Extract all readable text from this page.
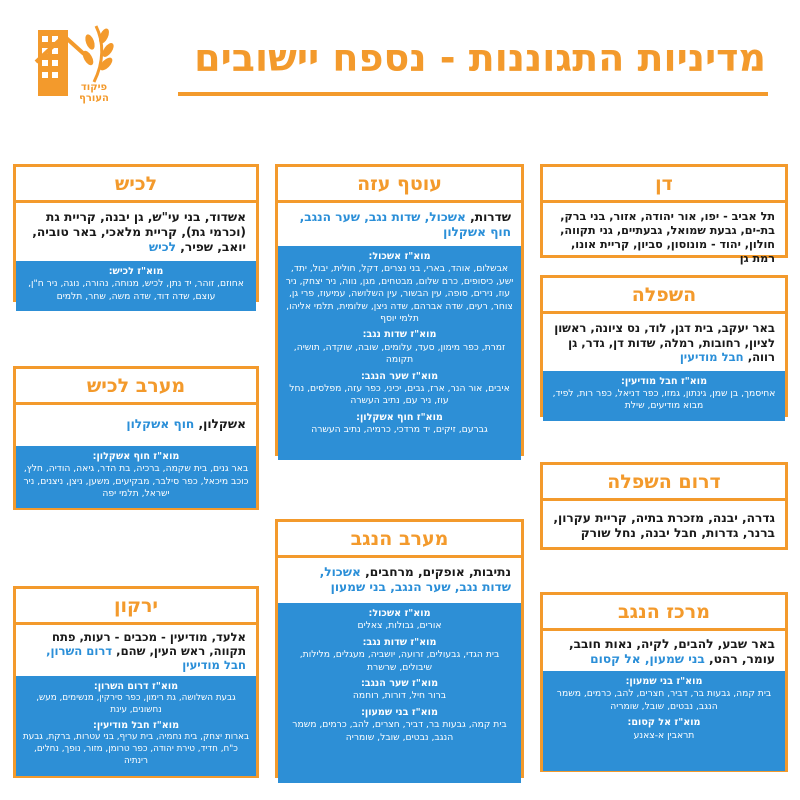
פיקוד
העורף
מדיניות התגוננות - נספח יישובים
לכיש
אשדוד, בני עי"ש, גן יבנה, קריית גת (וכרמי גת), קריית מלאכי, באר טוביה, יואב, שפיר, לכיש
מוא"ז לכיש:
אחוזם, זוהר, יד נתן, לכיש, מנוחה, נהורה, נוגה, ניר ח"ן, עוצם, שדה דוד, שדה משה, שחר, תלמים
עוטף עזה
שדרות, אשכול, שדות נגב, שער הנגב, חוף אשקלון
מוא"ז אשכול:
אבשלום, אוהד, בארי, בני נצרים, דקל, חולית, יבול, יתד, ישע, כיסופים, כרם שלום, מבטחים, מגן, נווה, ניר יצחק, ניר עוז, נירים, סופה, עין הבשור, עין השלושה, עמיעוז, פרי גן, צוחר, רעים, שדה אברהם, שדה ניצן, שלומית, תלמי אליהו, תלמי יוסף
מוא"ז שדות נגב:
זמרת, כפר מימון, סעד, עלומים, שובה, שוקדה, תושיה, תקומה
מוא"ז שער הנגב:
איבים, אור הנר, ארז, גבים, יכיני, כפר עזה, מפלסים, נחל עוז, ניר עם, נתיב העשרה
מוא"ז חוף אשקלון:
גברעם, זיקים, יד מרדכי, כרמיה, נתיב העשרה
דן
תל אביב - יפו, אור יהודה, אזור, בני ברק, בת-ים, גבעת שמואל, גבעתיים, גני תקווה, חולון, יהוד - מונוסון, סביון, קריית אונו, רמת גן
השפלה
באר יעקב, בית דגן, לוד, נס ציונה, ראשון לציון, רחובות, רמלה, שדות דן, גדר, גן רווה, חבל מודיעין
מוא"ז חבל מודיעין:
אחיסמך, בן שמן, גינתון, גמזו, כפר דניאל, כפר רות, לפיד, מבוא מודיעים, שילת
מערב לכיש
אשקלון, חוף אשקלון
מוא"ז חוף אשקלון:
באר גנים, בית שקמה, ברכיה, בת הדר, גיאה, הודיה, חלץ, כוכב מיכאל, כפר סילבר, מבקיעים, משען, ניצן, ניצנים, ניר ישראל, תלמי יפה
דרום השפלה
גדרה, יבנה, מזכרת בתיה, קריית עקרון, ברנר, גדרות, חבל יבנה, נחל שורק
מערב הנגב
נתיבות, אופקים, מרחבים, אשכול, שדות נגב, שער הנגב, בני שמעון
מוא"ז אשכול:
אורים, גבולות, צאלים
מוא"ז שדות נגב:
בית הגדי, גבעולים, זרועה, יושביה, מעגלים, מלילות, שיבולים, שרשרת
מוא"ז שער הנגב:
ברור חיל, דורות, רוחמה
מוא"ז בני שמעון:
בית קמה, גבעות בר, דביר, חצרים, להב, כרמים, משמר הנגב, נבטים, שובל, שומריה
ירקון
אלעד, מודיעין - מכבים - רעות, פתח תקווה, ראש העין, שהם, דרום השרון, חבל מודיעין
מוא"ז דרום השרון:
גבעת השלושה, גת רימון, כפר סירקין, מנשימים, מעש, נחשונים, עינת
מוא"ז חבל מודיעין:
בארות יצחק, בית נחמיה, בית עריף, בני עטרות, ברקת, גבעת כ"ח, חדיד, טירת יהודה, כפר טרומן, מזור, נופך, נחלים, רינתיה
מרכז הנגב
באר שבע, להבים, לקיה, נאות חובב, עומר, רהט, בני שמעון, אל קסום
מוא"ז בני שמעון:
בית קמה, גבעות בר, דביר, חצרים, להב, כרמים, משמר הנגב, נבטים, שובל, שומריה
מוא"ז אל קסום:
תראבין א-צאנע
